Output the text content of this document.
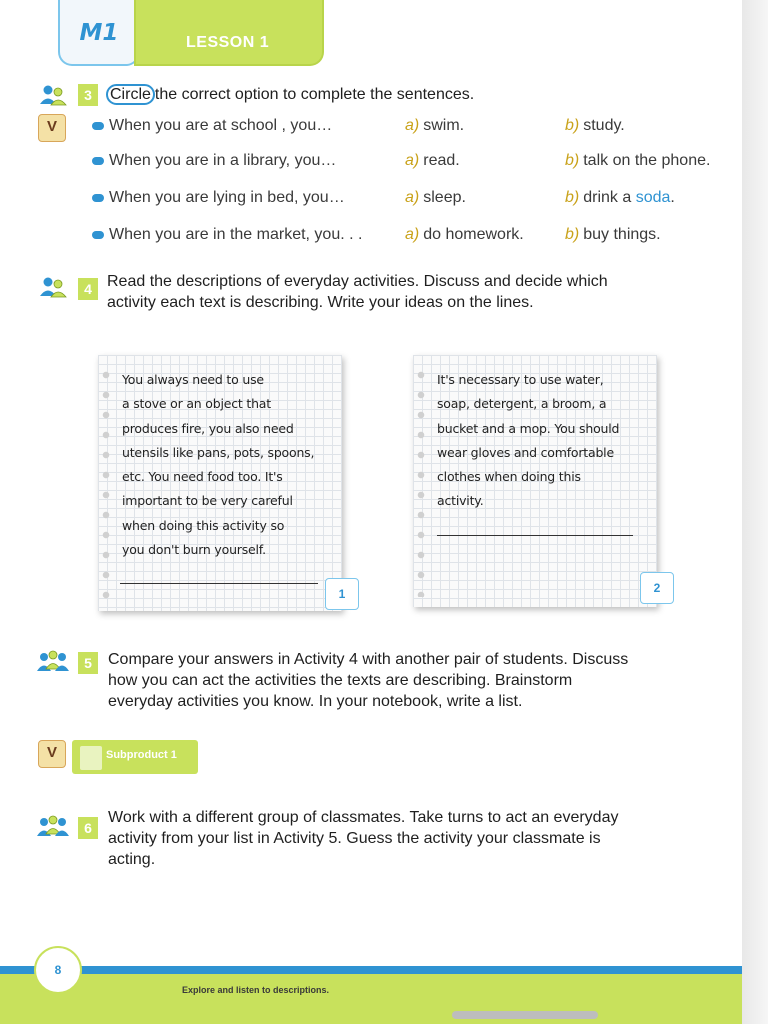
M1	LESSON 1
3	Circle the correct option to complete the sentences.
V	When you are at school , you…	a) swim.	b) study.
When you are in a library, you…	a) read.	b) talk on the phone.
When you are lying in bed, you…	a) sleep.	b) drink a soda.
When you are in the market, you. . .	a) do homework.	b) buy things.
4 Read the descriptions of everyday activities. Discuss and decide which
activity each text is describing. Write your ideas on the lines.
You always need to use
a stove or an object that
produces fire, you also need
utensils like pans, pots, spoons,
etc. You need food too. It's
important to be very careful
when doing this activity so
you don't burn yourself.
1
It's necessary to use water,
soap, detergent, a broom, a
bucket and a mop. You should
wear gloves and comfortable
clothes when doing this
activity.
2
5	Compare your answers in Activity 4 with another pair of students. Discuss
how you can act the activities the texts are describing. Brainstorm
everyday activities you know. In your notebook, write a list.
V	Subproduct 1
6
Work with a different group of classmates. Take turns to act an everyday
activity from your list in Activity 5. Guess the activity your classmate is
acting.
Explore and listen to descriptions.
8
